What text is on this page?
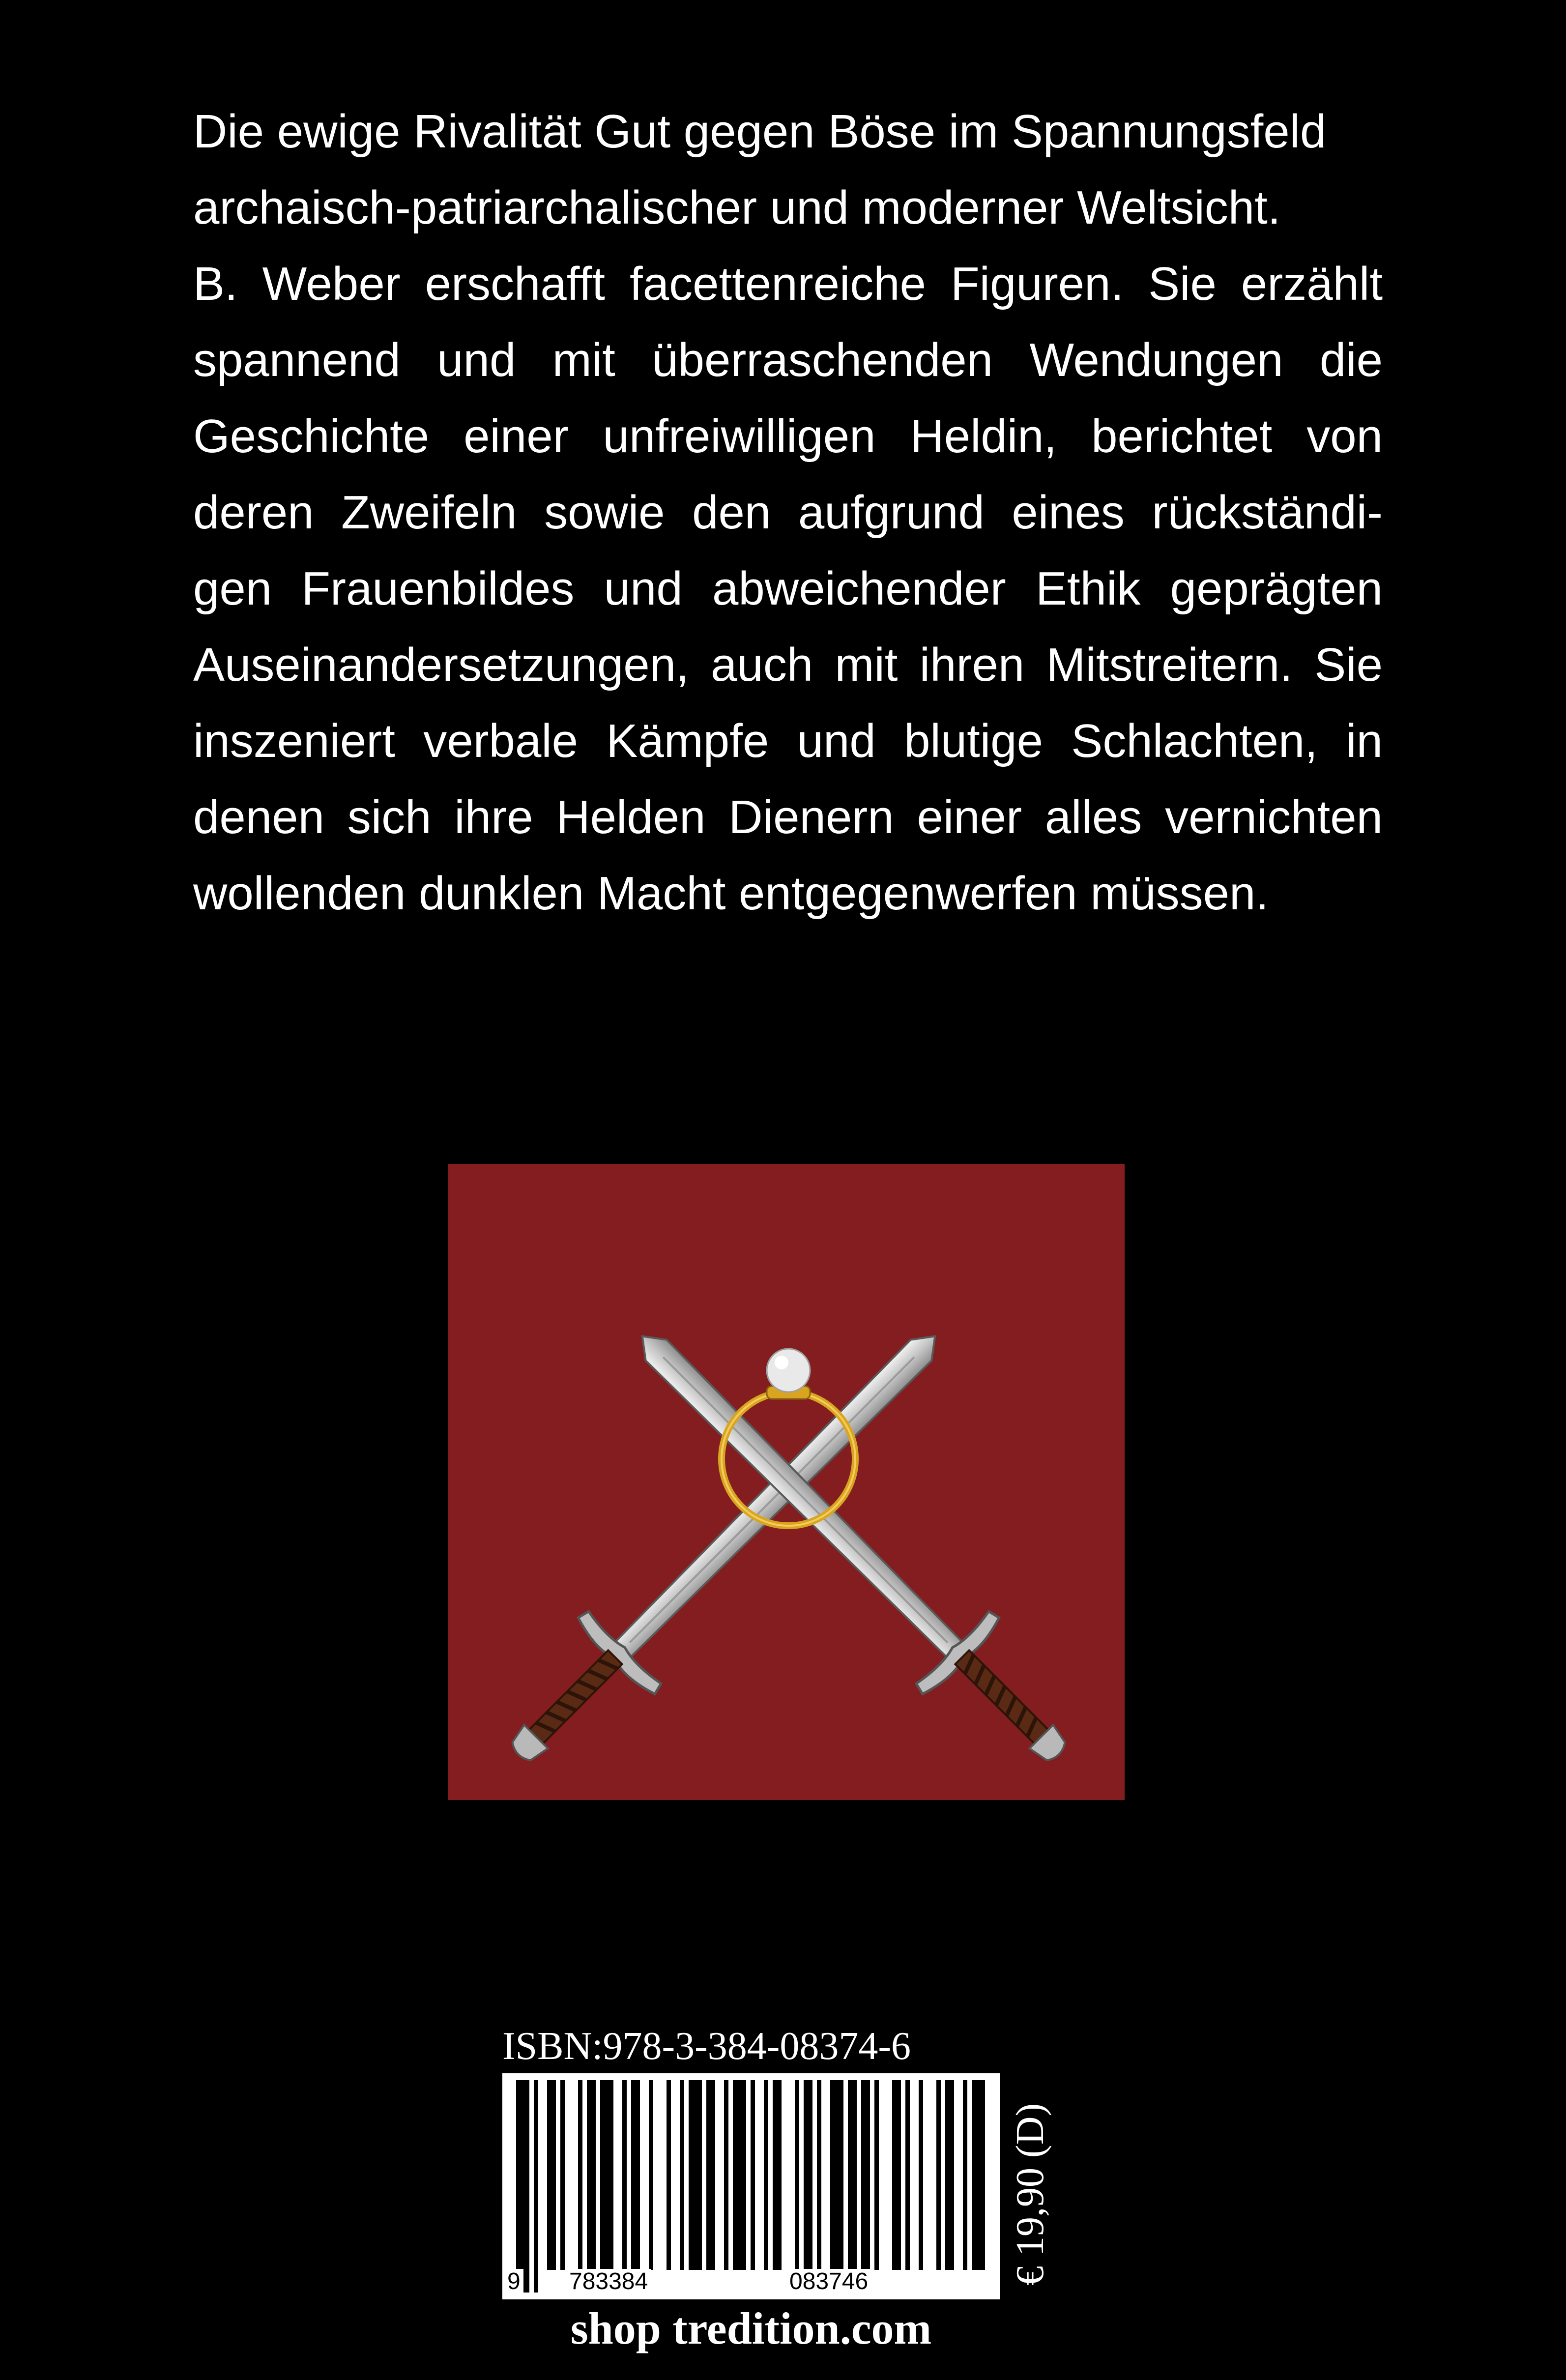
Die ewige Rivalität Gut gegen Böse im Spannungsfeld
archaisch-patriarchalischer und moderner Weltsicht.
B. Weber erschafft facettenreiche Figuren. Sie erzählt
spannend und mit überraschenden Wendungen die
Geschichte einer unfreiwilligen Heldin, berichtet von
deren Zweifeln sowie den aufgrund eines rückständi-
gen Frauenbildes und abweichender Ethik geprägten
Auseinandersetzungen, auch mit ihren Mitstreitern. Sie
inszeniert verbale Kämpfe und blutige Schlachten, in
denen sich ihre Helden Dienern einer alles vernichten
wollenden dunklen Macht entgegenwerfen müssen.
ISBN:978-3-384-08374-6
9 783384	083746	€ 19,90 (D)
shop tredition.com
